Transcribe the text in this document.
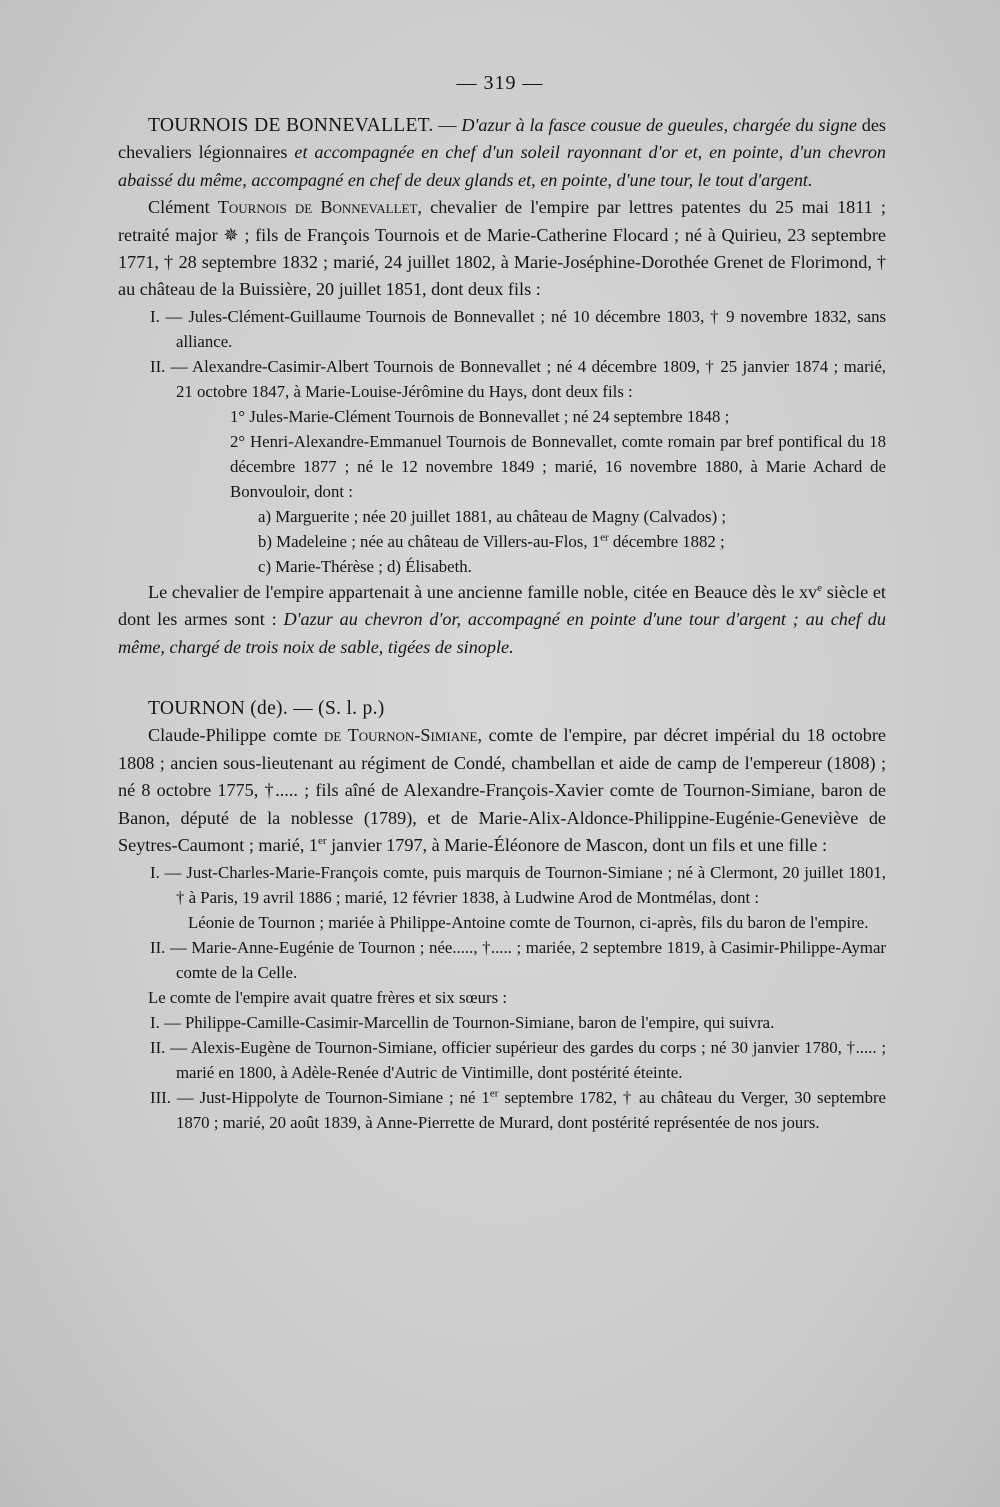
— 319 —

TOURNOIS DE BONNEVALLET. — D'azur à la fasce cousue de gueules, chargée du signe des chevaliers légionnaires et accompagnée en chef d'un soleil rayonnant d'or et, en pointe, d'un chevron abaissé du même, accompagné en chef de deux glands et, en pointe, d'une tour, le tout d'argent.

Clément Tournois de Bonnevallet, chevalier de l'empire par lettres patentes du 25 mai 1811 ; retraité major ✵ ; fils de François Tournois et de Marie-Catherine Flocard ; né à Quirieu, 23 septembre 1771, † 28 septembre 1832 ; marié, 24 juillet 1802, à Marie-Joséphine-Dorothée Grenet de Florimond, † au château de la Buissière, 20 juillet 1851, dont deux fils :

I. — Jules-Clément-Guillaume Tournois de Bonnevallet ; né 10 décembre 1803, † 9 novembre 1832, sans alliance.

II. — Alexandre-Casimir-Albert Tournois de Bonnevallet ; né 4 décembre 1809, † 25 janvier 1874 ; marié, 21 octobre 1847, à Marie-Louise-Jérômine du Hays, dont deux fils :

1° Jules-Marie-Clément Tournois de Bonnevallet ; né 24 septembre 1848 ;

2° Henri-Alexandre-Emmanuel Tournois de Bonnevallet, comte romain par bref pontifical du 18 décembre 1877 ; né le 12 novembre 1849 ; marié, 16 novembre 1880, à Marie Achard de Bonvouloir, dont :

a) Marguerite ; née 20 juillet 1881, au château de Magny (Calvados) ;

b) Madeleine ; née au château de Villers-au-Flos, 1er décembre 1882 ;

c) Marie-Thérèse ; d) Élisabeth.

Le chevalier de l'empire appartenait à une ancienne famille noble, citée en Beauce dès le $xv^e$ siècle et dont les armes sont : D'azur au chevron d'or, accompagné en pointe d'une tour d'argent ; au chef du même, chargé de trois noix de sable, tigées de sinople.

TOURNON (de). — (S. l. p.)

Claude-Philippe comte de Tournon-Simiane, comte de l'empire, par décret impérial du 18 octobre 1808 ; ancien sous-lieutenant au régiment de Condé, chambellan et aide de camp de l'empereur (1808) ; né 8 octobre 1775, †..... ; fils aîné de Alexandre-François-Xavier comte de Tournon-Simiane, baron de Banon, député de la noblesse (1789), et de Marie-Alix-Aldonce-Philippine-Eugénie-Geneviève de Seytres-Caumont ; marié, 1er janvier 1797, à Marie-Éléonore de Mascon, dont un fils et une fille :

I. — Just-Charles-Marie-François comte, puis marquis de Tournon-Simiane ; né à Clermont, 20 juillet 1801, † à Paris, 19 avril 1886 ; marié, 12 février 1838, à Ludwine Arod de Montmélas, dont :

Léonie de Tournon ; mariée à Philippe-Antoine comte de Tournon, ci-après, fils du baron de l'empire.

II. — Marie-Anne-Eugénie de Tournon ; née....., †..... ; mariée, 2 septembre 1819, à Casimir-Philippe-Aymar comte de la Celle.

Le comte de l'empire avait quatre frères et six sœurs :

I. — Philippe-Camille-Casimir-Marcellin de Tournon-Simiane, baron de l'empire, qui suivra.

II. — Alexis-Eugène de Tournon-Simiane, officier supérieur des gardes du corps ; né 30 janvier 1780, †..... ; marié en 1800, à Adèle-Renée d'Autric de Vintimille, dont postérité éteinte.

III. — Just-Hippolyte de Tournon-Simiane ; né 1er septembre 1782, † au château du Verger, 30 septembre 1870 ; marié, 20 août 1839, à Anne-Pierrette de Murard, dont postérité représentée de nos jours.
